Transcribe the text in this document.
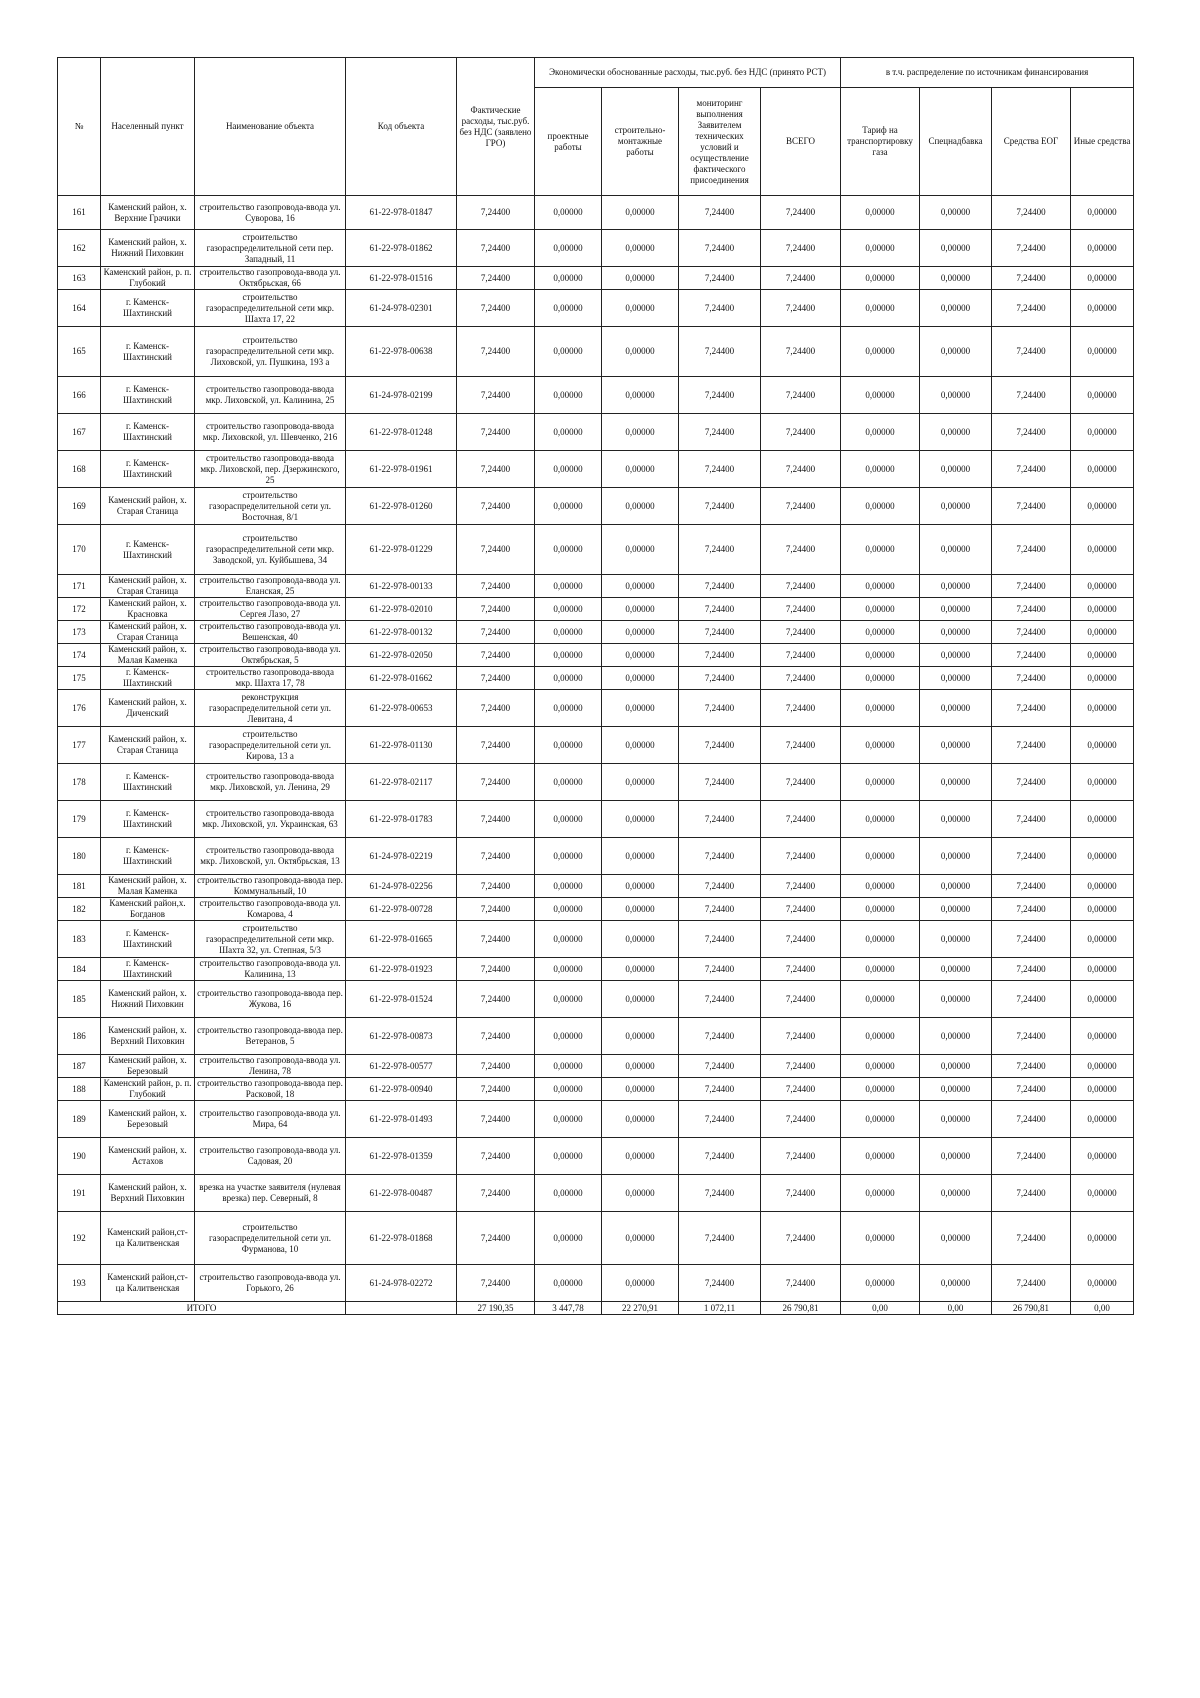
№	Населенный пункт	Наименование объекта	Код объекта	Фактические расходы, тыс.руб. без НДС (заявлено ГРО)	Экономически обоснованные расходы, тыс.руб. без НДС (принято РСТ)				в т.ч. распределение по источникам финансирования			
					проектные работы	строительно-монтажные работы	мониторинг выполнения Заявителем технических условий и осуществление фактического присоединения	ВСЕГО	Тариф на транспортировку газа	Спецнадбавка	Средства ЕОГ	Иные средства
161	Каменский район, х. Верхние Грачики	строительство газопровода-ввода ул. Суворова, 16	61-22-978-01847	7,24400	0,00000	0,00000	7,24400	7,24400	0,00000	0,00000	7,24400	0,00000
162	Каменский район, х. Нижний Пиховкин	строительство газораспределительной сети пер. Западный, 11	61-22-978-01862	7,24400	0,00000	0,00000	7,24400	7,24400	0,00000	0,00000	7,24400	0,00000
163	Каменский район, р. п. Глубокий	строительство газопровода-ввода ул. Октябрьская, 66	61-22-978-01516	7,24400	0,00000	0,00000	7,24400	7,24400	0,00000	0,00000	7,24400	0,00000
164	г. Каменск-Шахтинский	строительство газораспределительной сети мкр. Шахта 17, 22	61-24-978-02301	7,24400	0,00000	0,00000	7,24400	7,24400	0,00000	0,00000	7,24400	0,00000
165	г. Каменск-Шахтинский	строительство газораспределительной сети мкр. Лиховской, ул. Пушкина, 193 а	61-22-978-00638	7,24400	0,00000	0,00000	7,24400	7,24400	0,00000	0,00000	7,24400	0,00000
166	г. Каменск-Шахтинский	строительство газопровода-ввода мкр. Лиховской, ул. Калинина, 25	61-24-978-02199	7,24400	0,00000	0,00000	7,24400	7,24400	0,00000	0,00000	7,24400	0,00000
167	г. Каменск-Шахтинский	строительство газопровода-ввода мкр. Лиховской, ул. Шевченко, 216	61-22-978-01248	7,24400	0,00000	0,00000	7,24400	7,24400	0,00000	0,00000	7,24400	0,00000
168	г. Каменск-Шахтинский	строительство газопровода-ввода мкр. Лиховской, пер. Дзержинского, 25	61-22-978-01961	7,24400	0,00000	0,00000	7,24400	7,24400	0,00000	0,00000	7,24400	0,00000
169	Каменский район, х. Старая Станица	строительство газораспределительной сети ул. Восточная, 8/1	61-22-978-01260	7,24400	0,00000	0,00000	7,24400	7,24400	0,00000	0,00000	7,24400	0,00000
170	г. Каменск-Шахтинский	строительство газораспределительной сети мкр. Заводской, ул. Куйбышева, 34	61-22-978-01229	7,24400	0,00000	0,00000	7,24400	7,24400	0,00000	0,00000	7,24400	0,00000
171	Каменский район, х. Старая Станица	строительство газопровода-ввода ул. Еланская, 25	61-22-978-00133	7,24400	0,00000	0,00000	7,24400	7,24400	0,00000	0,00000	7,24400	0,00000
172	Каменский район, х. Красновка	строительство газопровода-ввода ул. Сергея Лазо, 27	61-22-978-02010	7,24400	0,00000	0,00000	7,24400	7,24400	0,00000	0,00000	7,24400	0,00000
173	Каменский район, х. Старая Станица	строительство газопровода-ввода ул. Вешенская, 40	61-22-978-00132	7,24400	0,00000	0,00000	7,24400	7,24400	0,00000	0,00000	7,24400	0,00000
174	Каменский район, х. Малая Каменка	строительство газопровода-ввода ул. Октябрьская, 5	61-22-978-02050	7,24400	0,00000	0,00000	7,24400	7,24400	0,00000	0,00000	7,24400	0,00000
175	г. Каменск-Шахтинский	строительство газопровода-ввода мкр. Шахта 17, 78	61-22-978-01662	7,24400	0,00000	0,00000	7,24400	7,24400	0,00000	0,00000	7,24400	0,00000
176	Каменский район, х. Диченский	реконструкция газораспределительной сети ул. Левитана, 4	61-22-978-00653	7,24400	0,00000	0,00000	7,24400	7,24400	0,00000	0,00000	7,24400	0,00000
177	Каменский район, х. Старая Станица	строительство газораспределительной сети ул. Кирова, 13 а	61-22-978-01130	7,24400	0,00000	0,00000	7,24400	7,24400	0,00000	0,00000	7,24400	0,00000
178	г. Каменск-Шахтинский	строительство газопровода-ввода мкр. Лиховской, ул. Ленина, 29	61-22-978-02117	7,24400	0,00000	0,00000	7,24400	7,24400	0,00000	0,00000	7,24400	0,00000
179	г. Каменск-Шахтинский	строительство газопровода-ввода мкр. Лиховской, ул. Украинская, 63	61-22-978-01783	7,24400	0,00000	0,00000	7,24400	7,24400	0,00000	0,00000	7,24400	0,00000
180	г. Каменск-Шахтинский	строительство газопровода-ввода мкр. Лиховской, ул. Октябрьская, 13	61-24-978-02219	7,24400	0,00000	0,00000	7,24400	7,24400	0,00000	0,00000	7,24400	0,00000
181	Каменский район, х. Малая Каменка	строительство газопровода-ввода пер. Коммунальный, 10	61-24-978-02256	7,24400	0,00000	0,00000	7,24400	7,24400	0,00000	0,00000	7,24400	0,00000
182	Каменский район,х. Богданов	строительство газопровода-ввода ул. Комарова, 4	61-22-978-00728	7,24400	0,00000	0,00000	7,24400	7,24400	0,00000	0,00000	7,24400	0,00000
183	г. Каменск-Шахтинский	строительство газораспределительной сети мкр. Шахта 32, ул. Степная, 5/3	61-22-978-01665	7,24400	0,00000	0,00000	7,24400	7,24400	0,00000	0,00000	7,24400	0,00000
184	г. Каменск-Шахтинский	строительство газопровода-ввода ул. Калинина, 13	61-22-978-01923	7,24400	0,00000	0,00000	7,24400	7,24400	0,00000	0,00000	7,24400	0,00000
185	Каменский район, х. Нижний Пиховкин	строительство газопровода-ввода пер. Жукова, 16	61-22-978-01524	7,24400	0,00000	0,00000	7,24400	7,24400	0,00000	0,00000	7,24400	0,00000
186	Каменский район, х. Верхний Пиховкин	строительство газопровода-ввода пер. Ветеранов, 5	61-22-978-00873	7,24400	0,00000	0,00000	7,24400	7,24400	0,00000	0,00000	7,24400	0,00000
187	Каменский район, х. Березовый	строительство газопровода-ввода ул. Ленина, 78	61-22-978-00577	7,24400	0,00000	0,00000	7,24400	7,24400	0,00000	0,00000	7,24400	0,00000
188	Каменский район, р. п. Глубокий	строительство газопровода-ввода пер. Расковой, 18	61-22-978-00940	7,24400	0,00000	0,00000	7,24400	7,24400	0,00000	0,00000	7,24400	0,00000
189	Каменский район, х. Березовый	строительство газопровода-ввода ул. Мира, 64	61-22-978-01493	7,24400	0,00000	0,00000	7,24400	7,24400	0,00000	0,00000	7,24400	0,00000
190	Каменский район, х. Астахов	строительство газопровода-ввода ул. Садовая, 20	61-22-978-01359	7,24400	0,00000	0,00000	7,24400	7,24400	0,00000	0,00000	7,24400	0,00000
191	Каменский район, х. Верхний Пиховкин	врезка на участке заявителя (нулевая врезка) пер. Северный, 8	61-22-978-00487	7,24400	0,00000	0,00000	7,24400	7,24400	0,00000	0,00000	7,24400	0,00000
192	Каменский район,ст-ца Калитвенская	строительство газораспределительной сети ул. Фурманова, 10	61-22-978-01868	7,24400	0,00000	0,00000	7,24400	7,24400	0,00000	0,00000	7,24400	0,00000
193	Каменский район,ст-ца Калитвенская	строительство газопровода-ввода ул. Горького, 26	61-24-978-02272	7,24400	0,00000	0,00000	7,24400	7,24400	0,00000	0,00000	7,24400	0,00000
ИТОГО				27 190,35	3 447,78	22 270,91	1 072,11	26 790,81	0,00	0,00	26 790,81	0,00
